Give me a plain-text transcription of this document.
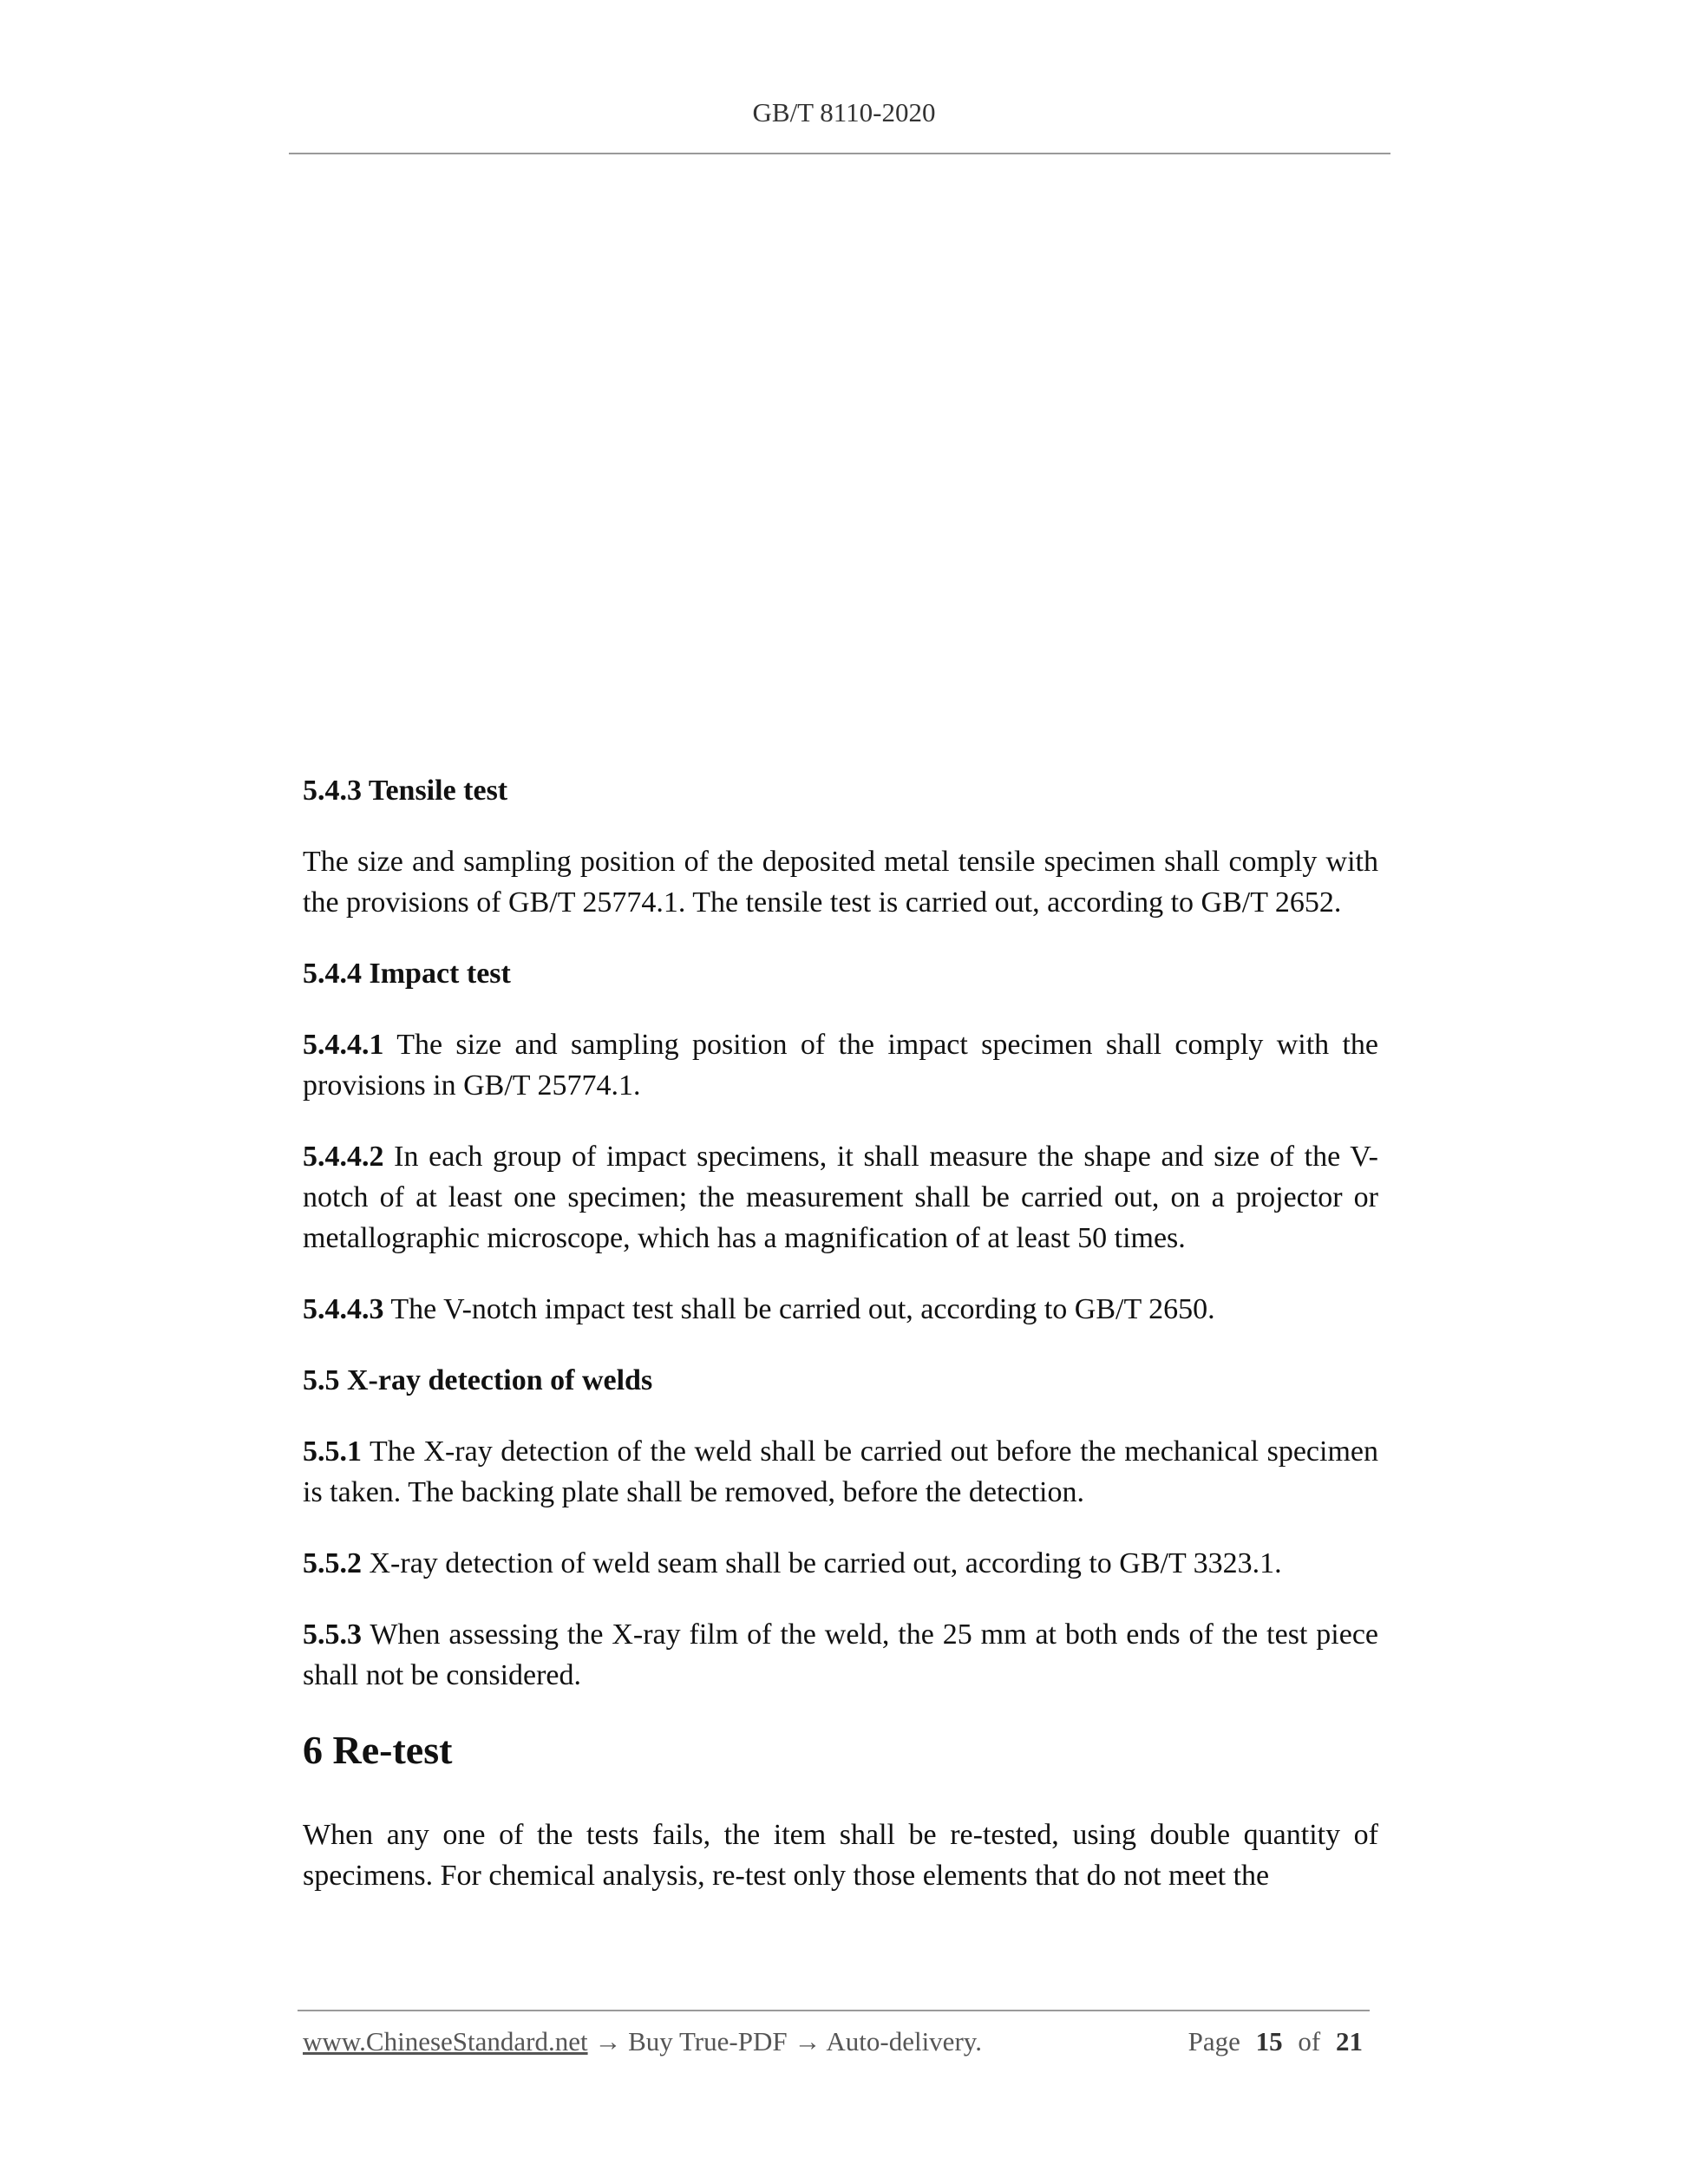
GB/T 8110-2020

5.4.3 Tensile test

The size and sampling position of the deposited metal tensile specimen shall comply with the provisions of GB/T 25774.1. The tensile test is carried out, according to GB/T 2652.

5.4.4 Impact test

5.4.4.1 The size and sampling position of the impact specimen shall comply with the provisions in GB/T 25774.1.

5.4.4.2 In each group of impact specimens, it shall measure the shape and size of the V-notch of at least one specimen; the measurement shall be carried out, on a projector or metallographic microscope, which has a magnification of at least 50 times.

5.4.4.3 The V-notch impact test shall be carried out, according to GB/T 2650.

5.5 X-ray detection of welds

5.5.1 The X-ray detection of the weld shall be carried out before the mechanical specimen is taken. The backing plate shall be removed, before the detection.

5.5.2 X-ray detection of weld seam shall be carried out, according to GB/T 3323.1.

5.5.3 When assessing the X-ray film of the weld, the 25 mm at both ends of the test piece shall not be considered.

6 Re-test

When any one of the tests fails, the item shall be re-tested, using double quantity of specimens. For chemical analysis, re-test only those elements that do not meet the

www.ChineseStandard.net → Buy True-PDF → Auto-delivery.	Page 15 of 21
